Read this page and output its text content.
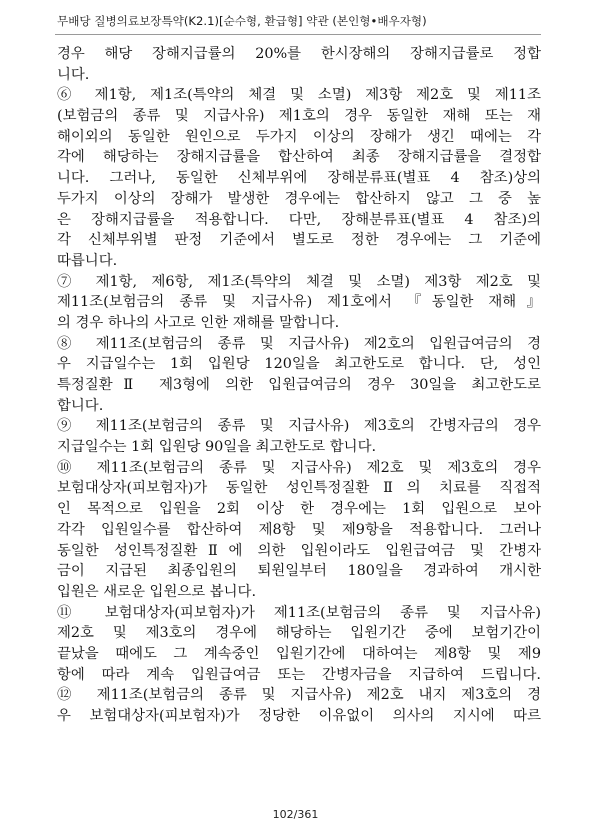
무배당 질병의료보장특약(K2.1)[순수형, 환급형] 약관 (본인형•배우자형)
경우 해당 장해지급률의 20%를 한시장해의 장해지급률로 정합
니다.
⑥ 제1항, 제1조(특약의 체결 및 소멸) 제3항 제2호 및 제11조
(보험금의 종류 및 지급사유) 제1호의 경우 동일한 재해 또는 재
해이외의 동일한 원인으로 두가지 이상의 장해가 생긴 때에는 각
각에 해당하는 장해지급률을 합산하여 최종 장해지급률을 결정합
니다. 그러나, 동일한 신체부위에 장해분류표(별표 4 참조)상의
두가지 이상의 장해가 발생한 경우에는 합산하지 않고 그 중 높
은 장해지급률을 적용합니다. 다만, 장해분류표(별표 4 참조)의
각 신체부위별 판정 기준에서 별도로 정한 경우에는 그 기준에
따릅니다.
⑦ 제1항, 제6항, 제1조(특약의 체결 및 소멸) 제3항 제2호 및
제11조(보험금의 종류 및 지급사유) 제1호에서 『동일한 재해』
의 경우 하나의 사고로 인한 재해를 말합니다.
⑧ 제11조(보험금의 종류 및 지급사유) 제2호의 입원급여금의 경
우 지급일수는 1회 입원당 120일을 최고한도로 합니다. 단, 성인
특정질환Ⅱ 제3형에 의한 입원급여금의 경우 30일을 최고한도로
합니다.
⑨ 제11조(보험금의 종류 및 지급사유) 제3호의 간병자금의 경우
지급일수는 1회 입원당 90일을 최고한도로 합니다.
⑩ 제11조(보험금의 종류 및 지급사유) 제2호 및 제3호의 경우
보험대상자(피보험자)가 동일한 성인특정질환Ⅱ의 치료를 직접적
인 목적으로 입원을 2회 이상 한 경우에는 1회 입원으로 보아
각각 입원일수를 합산하여 제8항 및 제9항을 적용합니다. 그러나
동일한 성인특정질환Ⅱ에 의한 입원이라도 입원급여금 및 간병자
금이 지급된 최종입원의 퇴원일부터 180일을 경과하여 개시한
입원은 새로운 입원으로 봅니다.
⑪ 보험대상자(피보험자)가 제11조(보험금의 종류 및 지급사유)
제2호 및 제3호의 경우에 해당하는 입원기간 중에 보험기간이
끝났을 때에도 그 계속중인 입원기간에 대하여는 제8항 및 제9
항에 따라 계속 입원급여금 또는 간병자금을 지급하여 드립니다.
⑫ 제11조(보험금의 종류 및 지급사유) 제2호 내지 제3호의 경
우 보험대상자(피보험자)가 정당한 이유없이 의사의 지시에 따르
102/361
